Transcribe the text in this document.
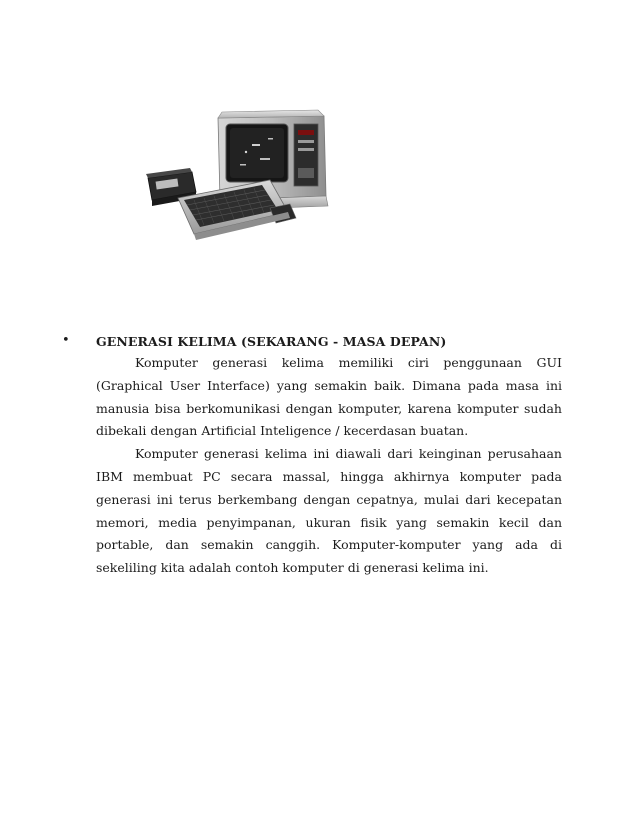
• GENERASI KELIMA (SEKARANG - MASA DEPAN)

Komputer generasi kelima memiliki ciri penggunaan GUI (Graphical User Interface) yang semakin baik. Dimana pada masa ini manusia bisa berkomunikasi dengan komputer, karena komputer sudah dibekali dengan Artificial Inteligence / kecerdasan buatan.

Komputer generasi kelima ini diawali dari keinginan perusahaan IBM membuat PC secara massal, hingga akhirnya komputer pada generasi ini terus berkembang dengan cepatnya, mulai dari kecepatan memori, media penyimpanan, ukuran fisik yang semakin kecil dan portable, dan semakin canggih. Komputer-komputer yang ada di sekeliling kita adalah contoh komputer di generasi kelima ini.
